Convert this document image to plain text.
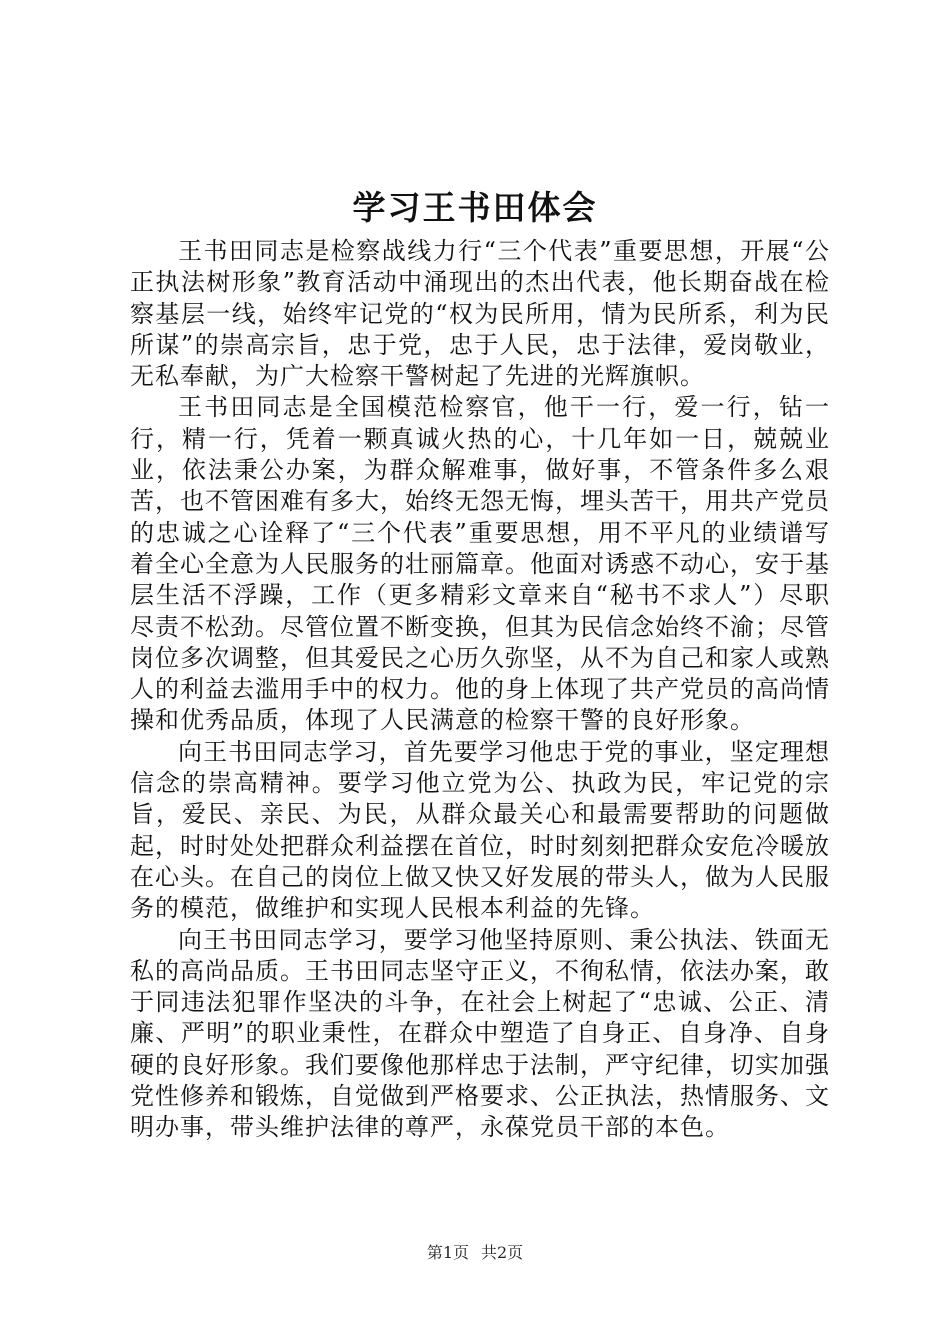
学习王书田体会

王书田同志是检察战线力行“三个代表”重要思想，开展“公正执法树形象”教育活动中涌现出的杰出代表，他长期奋战在检察基层一线，始终牢记党的“权为民所用，情为民所系，利为民所谋”的崇高宗旨，忠于党，忠于人民，忠于法律，爱岗敬业，无私奉献，为广大检察干警树起了先进的光辉旗帜。

王书田同志是全国模范检察官，他干一行，爱一行，钻一行，精一行，凭着一颗真诚火热的心，十几年如一日，兢兢业业，依法秉公办案，为群众解难事，做好事，不管条件多么艰苦，也不管困难有多大，始终无怨无悔，埋头苦干，用共产党员的忠诚之心诠释了“三个代表”重要思想，用不平凡的业绩谱写着全心全意为人民服务的壮丽篇章。他面对诱惑不动心，安于基层生活不浮躁，工作（更多精彩文章来自“秘书不求人”）尽职尽责不松劲。尽管位置不断变换，但其为民信念始终不渝；尽管岗位多次调整，但其爱民之心历久弥坚，从不为自己和家人或熟人的利益去滥用手中的权力。他的身上体现了共产党员的高尚情操和优秀品质，体现了人民满意的检察干警的良好形象。

向王书田同志学习，首先要学习他忠于党的事业，坚定理想信念的崇高精神。要学习他立党为公、执政为民，牢记党的宗旨，爱民、亲民、为民，从群众最关心和最需要帮助的问题做起，时时处处把群众利益摆在首位，时时刻刻把群众安危冷暖放在心头。在自己的岗位上做又快又好发展的带头人，做为人民服务的模范，做维护和实现人民根本利益的先锋。

向王书田同志学习，要学习他坚持原则、秉公执法、铁面无私的高尚品质。王书田同志坚守正义，不徇私情，依法办案，敢于同违法犯罪作坚决的斗争，在社会上树起了“忠诚、公正、清廉、严明”的职业秉性，在群众中塑造了自身正、自身净、自身硬的良好形象。我们要像他那样忠于法制，严守纪律，切实加强党性修养和锻炼，自觉做到严格要求、公正执法，热情服务、文明办事，带头维护法律的尊严，永葆党员干部的本色。

第1页 共2页
